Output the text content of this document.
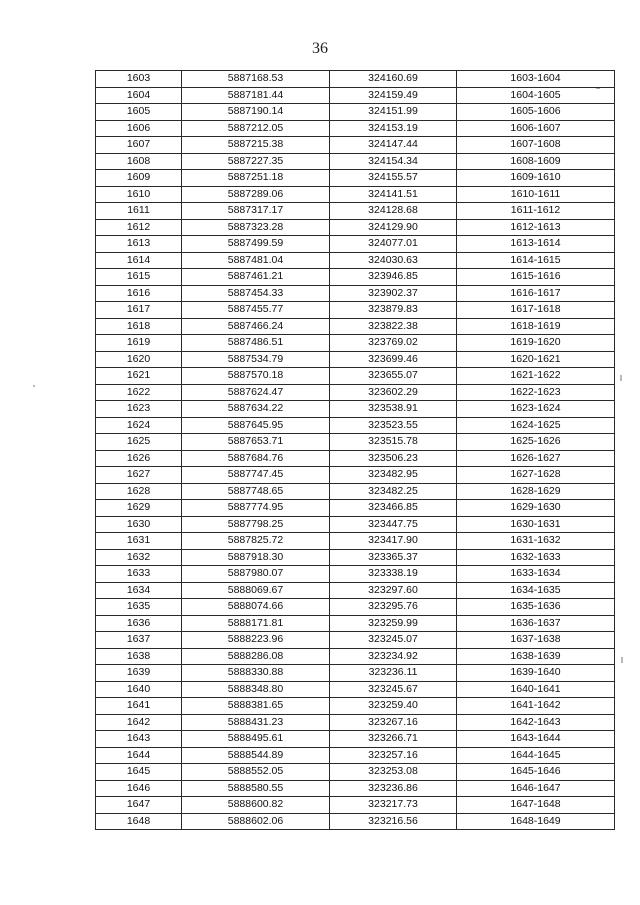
36
1603	5887168.53	324160.69	1603-1604
1604	5887181.44	324159.49	1604-1605
1605	5887190.14	324151.99	1605-1606
1606	5887212.05	324153.19	1606-1607
1607	5887215.38	324147.44	1607-1608
1608	5887227.35	324154.34	1608-1609
1609	5887251.18	324155.57	1609-1610
1610	5887289.06	324141.51	1610-1611
1611	5887317.17	324128.68	1611-1612
1612	5887323.28	324129.90	1612-1613
1613	5887499.59	324077.01	1613-1614
1614	5887481.04	324030.63	1614-1615
1615	5887461.21	323946.85	1615-1616
1616	5887454.33	323902.37	1616-1617
1617	5887455.77	323879.83	1617-1618
1618	5887466.24	323822.38	1618-1619
1619	5887486.51	323769.02	1619-1620
1620	5887534.79	323699.46	1620-1621
1621	5887570.18	323655.07	1621-1622
1622	5887624.47	323602.29	1622-1623
1623	5887634.22	323538.91	1623-1624
1624	5887645.95	323523.55	1624-1625
1625	5887653.71	323515.78	1625-1626
1626	5887684.76	323506.23	1626-1627
1627	5887747.45	323482.95	1627-1628
1628	5887748.65	323482.25	1628-1629
1629	5887774.95	323466.85	1629-1630
1630	5887798.25	323447.75	1630-1631
1631	5887825.72	323417.90	1631-1632
1632	5887918.30	323365.37	1632-1633
1633	5887980.07	323338.19	1633-1634
1634	5888069.67	323297.60	1634-1635
1635	5888074.66	323295.76	1635-1636
1636	5888171.81	323259.99	1636-1637
1637	5888223.96	323245.07	1637-1638
1638	5888286.08	323234.92	1638-1639
1639	5888330.88	323236.11	1639-1640
1640	5888348.80	323245.67	1640-1641
1641	5888381.65	323259.40	1641-1642
1642	5888431.23	323267.16	1642-1643
1643	5888495.61	323266.71	1643-1644
1644	5888544.89	323257.16	1644-1645
1645	5888552.05	323253.08	1645-1646
1646	5888580.55	323236.86	1646-1647
1647	5888600.82	323217.73	1647-1648
1648	5888602.06	323216.56	1648-1649
